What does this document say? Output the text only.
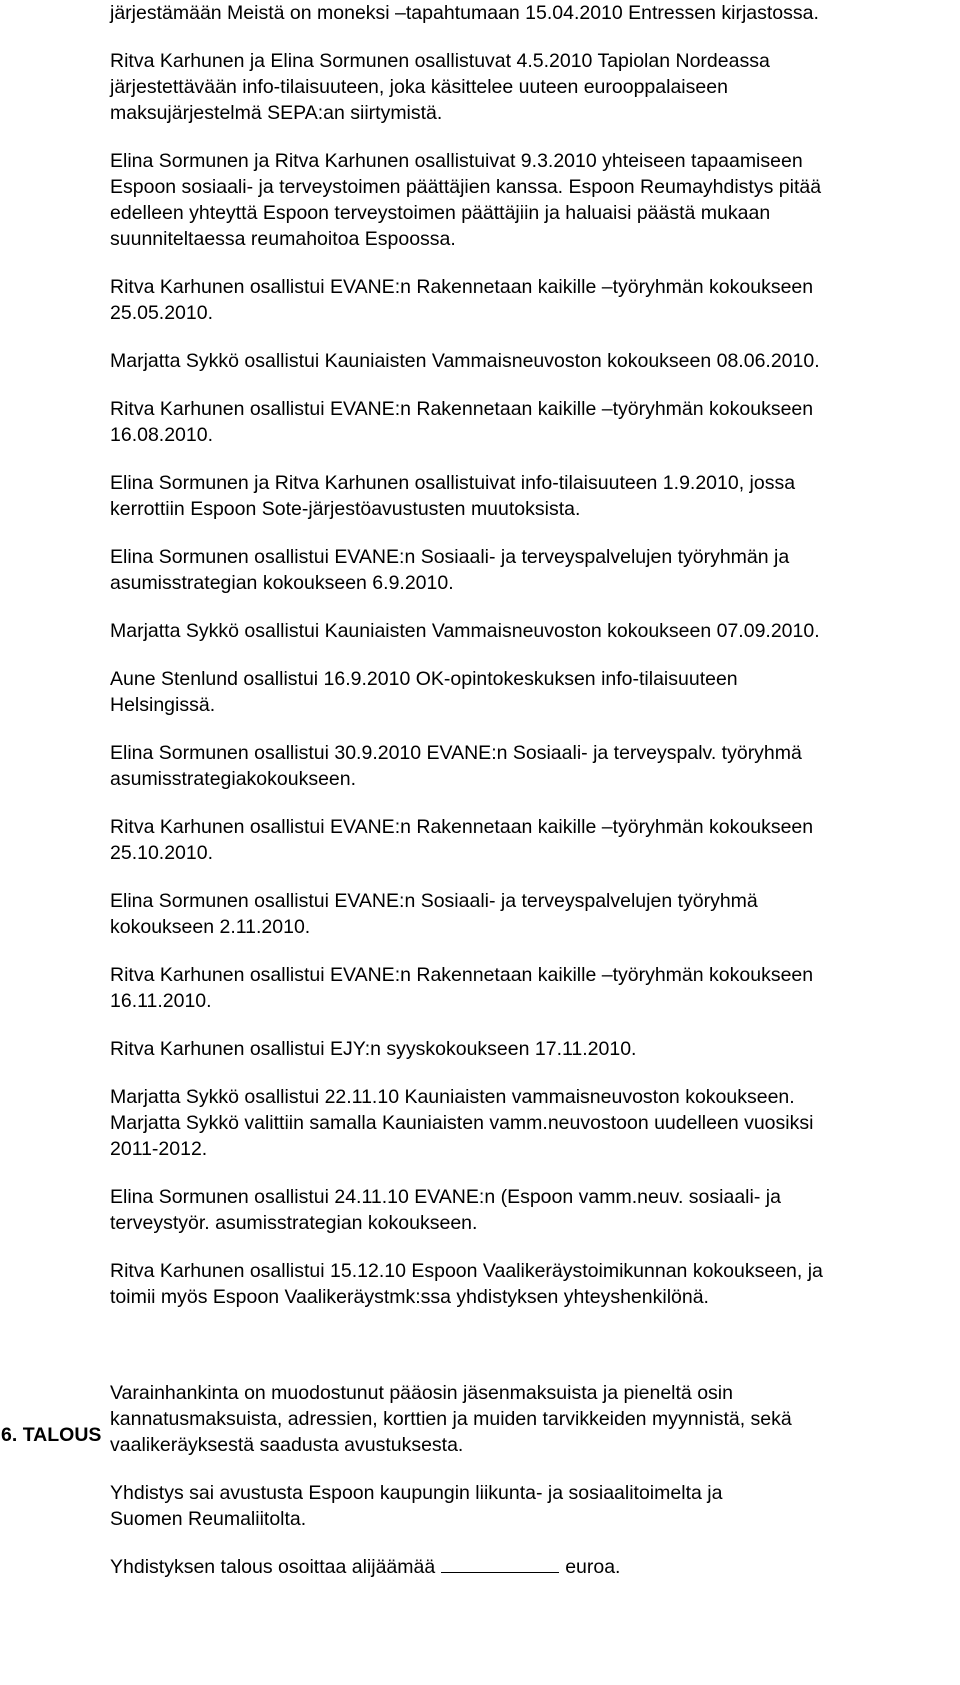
6. TALOUS
järjestämään Meistä on moneksi –tapahtumaan 15.04.2010 Entressen kirjastossa.
Ritva Karhunen ja Elina Sormunen osallistuvat 4.5.2010 Tapiolan Nordeassa
järjestettävään info-tilaisuuteen, joka käsittelee uuteen eurooppalaiseen
maksujärjestelmä SEPA:an siirtymistä.
Elina Sormunen ja Ritva Karhunen osallistuivat 9.3.2010 yhteiseen tapaamiseen
Espoon sosiaali- ja terveystoimen päättäjien kanssa. Espoon Reumayhdistys pitää
edelleen yhteyttä Espoon terveystoimen päättäjiin ja haluaisi päästä mukaan
suunniteltaessa reumahoitoa Espoossa.
Ritva Karhunen osallistui EVANE:n Rakennetaan kaikille –työryhmän kokoukseen
25.05.2010.
Marjatta Sykkö osallistui Kauniaisten Vammaisneuvoston kokoukseen 08.06.2010.
Ritva Karhunen osallistui EVANE:n Rakennetaan kaikille –työryhmän kokoukseen
16.08.2010.
Elina Sormunen ja Ritva Karhunen osallistuivat info-tilaisuuteen 1.9.2010, jossa
kerrottiin Espoon Sote-järjestöavustusten muutoksista.
Elina Sormunen osallistui EVANE:n Sosiaali- ja terveyspalvelujen työryhmän ja
asumisstrategian kokoukseen 6.9.2010.
Marjatta Sykkö osallistui Kauniaisten Vammaisneuvoston kokoukseen 07.09.2010.
Aune Stenlund osallistui 16.9.2010 OK-opintokeskuksen info-tilaisuuteen
Helsingissä.
Elina Sormunen osallistui 30.9.2010 EVANE:n Sosiaali- ja terveyspalv. työryhmä
asumisstrategiakokoukseen.
Ritva Karhunen osallistui EVANE:n Rakennetaan kaikille –työryhmän kokoukseen
25.10.2010.
Elina Sormunen osallistui EVANE:n Sosiaali- ja terveyspalvelujen työryhmä
kokoukseen 2.11.2010.
Ritva Karhunen osallistui EVANE:n Rakennetaan kaikille –työryhmän kokoukseen
16.11.2010.
Ritva Karhunen osallistui EJY:n syyskokoukseen 17.11.2010.
Marjatta Sykkö osallistui 22.11.10 Kauniaisten vammaisneuvoston kokoukseen.
Marjatta Sykkö valittiin samalla Kauniaisten vamm.neuvostoon uudelleen vuosiksi
2011-2012.
Elina Sormunen osallistui 24.11.10 EVANE:n (Espoon vamm.neuv. sosiaali- ja
terveystyör. asumisstrategian kokoukseen.
Ritva Karhunen osallistui 15.12.10 Espoon Vaalikeräystoimikunnan kokoukseen, ja
toimii myös Espoon Vaalikeräystmk:ssa yhdistyksen yhteyshenkilönä.
Varainhankinta on muodostunut pääosin jäsenmaksuista ja pieneltä osin
kannatusmaksuista, adressien, korttien ja muiden tarvikkeiden myynnistä, sekä
vaalikeräyksestä saadusta avustuksesta.
Yhdistys sai avustusta Espoon kaupungin liikunta- ja sosiaalitoimelta ja
Suomen Reumaliitolta.
Yhdistyksen talous osoittaa alijäämää	euroa.
